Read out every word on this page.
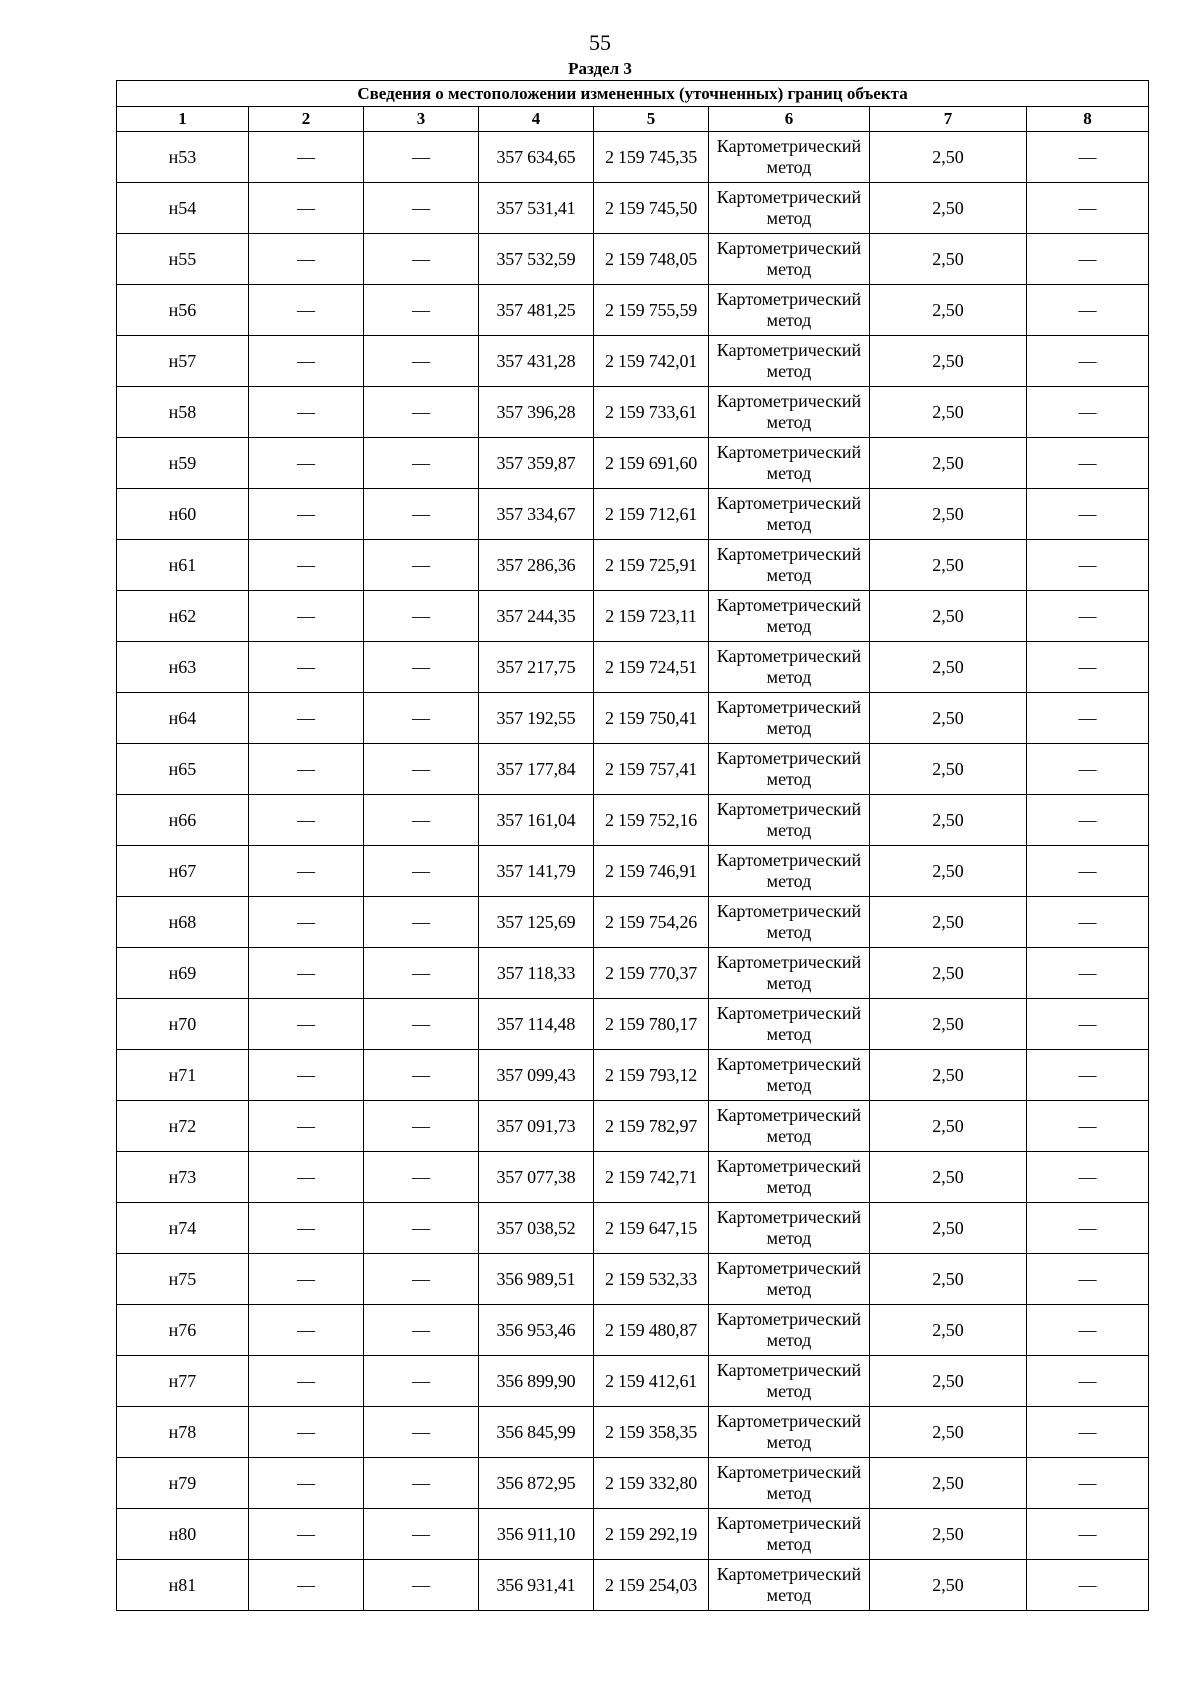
55
Раздел 3
Сведения о местоположении измененных (уточненных) границ объекта							
1	2	3	4	5	6	7	8
н53	—	—	357 634,65	2 159 745,35	Картометрический метод	2,50	—
н54	—	—	357 531,41	2 159 745,50	Картометрический метод	2,50	—
н55	—	—	357 532,59	2 159 748,05	Картометрический метод	2,50	—
н56	—	—	357 481,25	2 159 755,59	Картометрический метод	2,50	—
н57	—	—	357 431,28	2 159 742,01	Картометрический метод	2,50	—
н58	—	—	357 396,28	2 159 733,61	Картометрический метод	2,50	—
н59	—	—	357 359,87	2 159 691,60	Картометрический метод	2,50	—
н60	—	—	357 334,67	2 159 712,61	Картометрический метод	2,50	—
н61	—	—	357 286,36	2 159 725,91	Картометрический метод	2,50	—
н62	—	—	357 244,35	2 159 723,11	Картометрический метод	2,50	—
н63	—	—	357 217,75	2 159 724,51	Картометрический метод	2,50	—
н64	—	—	357 192,55	2 159 750,41	Картометрический метод	2,50	—
н65	—	—	357 177,84	2 159 757,41	Картометрический метод	2,50	—
н66	—	—	357 161,04	2 159 752,16	Картометрический метод	2,50	—
н67	—	—	357 141,79	2 159 746,91	Картометрический метод	2,50	—
н68	—	—	357 125,69	2 159 754,26	Картометрический метод	2,50	—
н69	—	—	357 118,33	2 159 770,37	Картометрический метод	2,50	—
н70	—	—	357 114,48	2 159 780,17	Картометрический метод	2,50	—
н71	—	—	357 099,43	2 159 793,12	Картометрический метод	2,50	—
н72	—	—	357 091,73	2 159 782,97	Картометрический метод	2,50	—
н73	—	—	357 077,38	2 159 742,71	Картометрический метод	2,50	—
н74	—	—	357 038,52	2 159 647,15	Картометрический метод	2,50	—
н75	—	—	356 989,51	2 159 532,33	Картометрический метод	2,50	—
н76	—	—	356 953,46	2 159 480,87	Картометрический метод	2,50	—
н77	—	—	356 899,90	2 159 412,61	Картометрический метод	2,50	—
н78	—	—	356 845,99	2 159 358,35	Картометрический метод	2,50	—
н79	—	—	356 872,95	2 159 332,80	Картометрический метод	2,50	—
н80	—	—	356 911,10	2 159 292,19	Картометрический метод	2,50	—
н81	—	—	356 931,41	2 159 254,03	Картометрический метод	2,50	—
